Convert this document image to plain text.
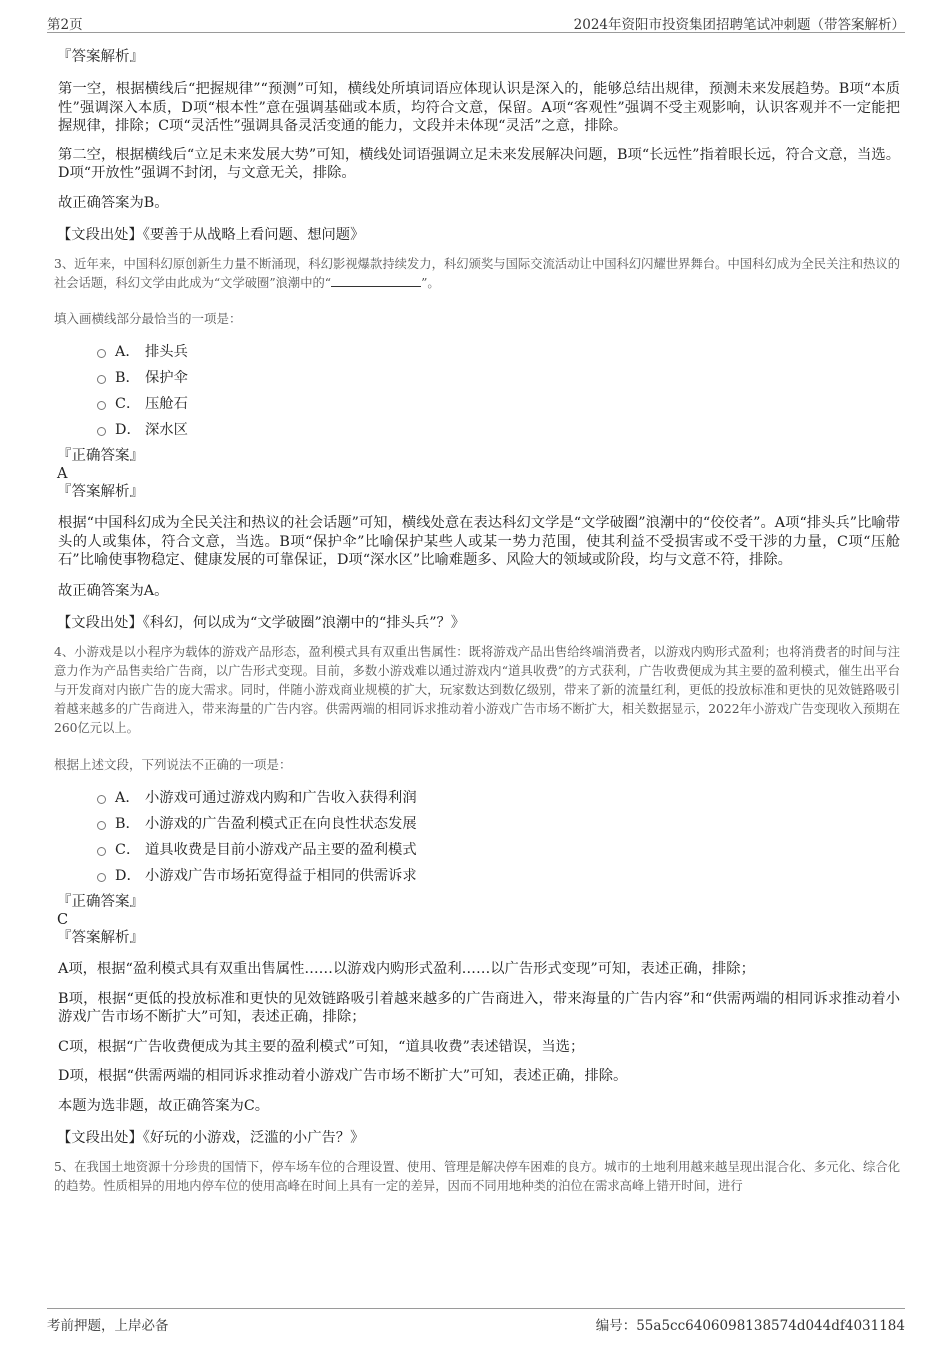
第2页	2024年资阳市投资集团招聘笔试冲刺题（带答案解析）

『答案解析』

第一空，根据横线后“把握规律”“预测”可知，横线处所填词语应体现认识是深入的，能够总结出规律，预测未来发展趋势。B项“本质性”强调深入本质，D项“根本性”意在强调基础或本质，均符合文意，保留。A项“客观性”强调不受主观影响，认识客观并不一定能把握规律，排除；C项“灵活性”强调具备灵活变通的能力，文段并未体现“灵活”之意，排除。

第二空，根据横线后“立足未来发展大势”可知，横线处词语强调立足未来发展解决问题，B项“长远性”指着眼长远，符合文意，当选。D项“开放性”强调不封闭，与文意无关，排除。

故正确答案为B。

【文段出处】《要善于从战略上看问题、想问题》

3、近年来，中国科幻原创新生力量不断涌现，科幻影视爆款持续发力，科幻颁奖与国际交流活动让中国科幻闪耀世界舞台。中国科幻成为全民关注和热议的社会话题，科幻文学由此成为“文学破圈”浪潮中的“	”。

填入画横线部分最恰当的一项是：

A． 排头兵
B． 保护伞
C． 压舱石
D． 深水区

『正确答案』

A

『答案解析』

根据“中国科幻成为全民关注和热议的社会话题”可知，横线处意在表达科幻文学是“文学破圈”浪潮中的“佼佼者”。A项“排头兵”比喻带头的人或集体，符合文意，当选。B项“保护伞”比喻保护某些人或某一势力范围，使其利益不受损害或不受干涉的力量，C项“压舱石”比喻使事物稳定、健康发展的可靠保证，D项“深水区”比喻难题多、风险大的领域或阶段，均与文意不符，排除。

故正确答案为A。

【文段出处】《科幻，何以成为“文学破圈”浪潮中的“排头兵”？》

4、小游戏是以小程序为载体的游戏产品形态，盈利模式具有双重出售属性：既将游戏产品出售给终端消费者，以游戏内购形式盈利；也将消费者的时间与注意力作为产品售卖给广告商，以广告形式变现。目前，多数小游戏难以通过游戏内“道具收费”的方式获利，广告收费便成为其主要的盈利模式，催生出平台与开发商对内嵌广告的庞大需求。同时，伴随小游戏商业规模的扩大，玩家数达到数亿级别，带来了新的流量红利，更低的投放标准和更快的见效链路吸引着越来越多的广告商进入，带来海量的广告内容。供需两端的相同诉求推动着小游戏广告市场不断扩大，相关数据显示，2022年小游戏广告变现收入预期在260亿元以上。

根据上述文段，下列说法不正确的一项是：

A． 小游戏可通过游戏内购和广告收入获得利润
B． 小游戏的广告盈利模式正在向良性状态发展
C． 道具收费是目前小游戏产品主要的盈利模式
D． 小游戏广告市场拓宽得益于相同的供需诉求

『正确答案』

C

『答案解析』

A项，根据“盈利模式具有双重出售属性……以游戏内购形式盈利……以广告形式变现”可知，表述正确，排除；

B项，根据“更低的投放标准和更快的见效链路吸引着越来越多的广告商进入，带来海量的广告内容”和“供需两端的相同诉求推动着小游戏广告市场不断扩大”可知，表述正确，排除；

C项，根据“广告收费便成为其主要的盈利模式”可知，“道具收费”表述错误，当选；

D项，根据“供需两端的相同诉求推动着小游戏广告市场不断扩大”可知，表述正确，排除。

本题为选非题，故正确答案为C。

【文段出处】《好玩的小游戏，泛滥的小广告？》

5、在我国土地资源十分珍贵的国情下，停车场车位的合理设置、使用、管理是解决停车困难的良方。城市的土地利用越来越呈现出混合化、多元化、综合化的趋势。性质相异的用地内停车位的使用高峰在时间上具有一定的差异，因而不同用地种类的泊位在需求高峰上错开时间，进行

考前押题，上岸必备	编号：55a5cc6406098138574d044df4031184
